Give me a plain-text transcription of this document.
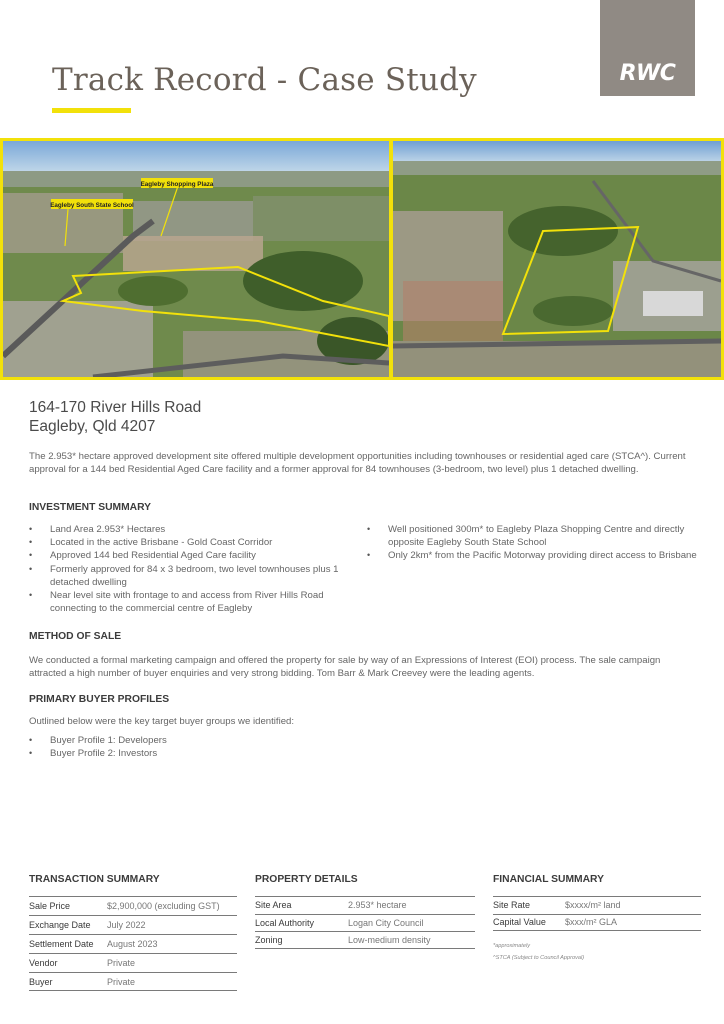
Track Record - Case Study	RWC
Eagleby Shopping Plaza
Eagleby South State School
164-170 River Hills Road
Eagleby, Qld 4207
The 2.953* hectare approved development site offered multiple development opportunities including townhouses or residential aged care (STCA^). Current approval for a 144 bed Residential Aged Care facility and a former approval for 84 townhouses (3-bedroom, two level) plus 1 detached dwelling.
INVESTMENT SUMMARY
• Land Area 2.953* Hectares
• Located in the active Brisbane - Gold Coast Corridor
• Approved 144 bed Residential Aged Care facility
• Formerly approved for 84 x 3 bedroom, two level townhouses plus 1 detached dwelling
• Near level site with frontage to and access from River Hills Road connecting to the commercial centre of Eagleby
• Well positioned 300m* to Eagleby Plaza Shopping Centre and directly opposite Eagleby South State School
• Only 2km* from the Pacific Motorway providing direct access to Brisbane
METHOD OF SALE
We conducted a formal marketing campaign and offered the property for sale by way of an Expressions of Interest (EOI) process. The sale campaign attracted a high number of buyer enquiries and very strong bidding. Tom Barr & Mark Creevey were the leading agents.
PRIMARY BUYER PROFILES
Outlined below were the key target buyer groups we identified:
• Buyer Profile 1: Developers
• Buyer Profile 2: Investors
TRANSACTION SUMMARY
Sale Price	$2,900,000 (excluding GST)
Exchange Date	July 2022
Settlement Date	August 2023
Vendor	Private
Buyer	Private
PROPERTY DETAILS
Site Area	2.953* hectare
Local Authority	Logan City Council
Zoning	Low-medium density
FINANCIAL SUMMARY
Site Rate	$xxxx/m² land
Capital Value	$xxx/m² GLA
*approximately
^STCA (Subject to Council Approval)
